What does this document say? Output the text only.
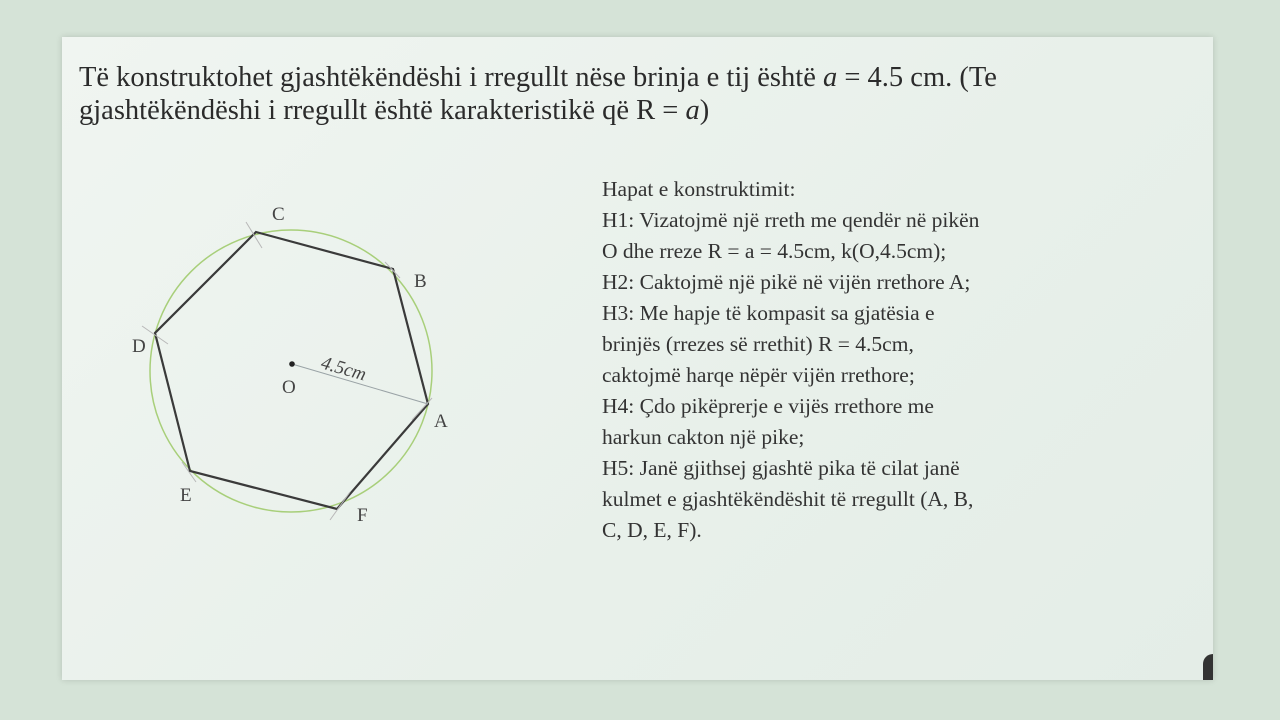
Të konstruktohet gjashtëkëndëshi i rregullt nëse brinja e tij është a = 4.5 cm. (Te
gjashtëkëndëshi i rregullt është karakteristikë që R = a)
Hapat e konstruktimit:
H1: Vizatojmë një rreth me qendër në pikën
O dhe rreze R = a = 4.5cm, k(O,4.5cm);
H2: Caktojmë një pikë në vijën rrethore A;
H3: Me hapje të kompasit sa gjatësia e
brinjës (rrezes së rrethit) R = 4.5cm,
caktojmë harqe nëpër vijën rrethore;
H4: Çdo pikëprerje e vijës rrethore me
harkun cakton një pike;
H5: Janë gjithsej gjashtë pika të cilat janë
kulmet e gjashtëkëndëshit të rregullt (A, B,
C, D, E, F).
C
B
A
F
E
D
O
4.5cm
